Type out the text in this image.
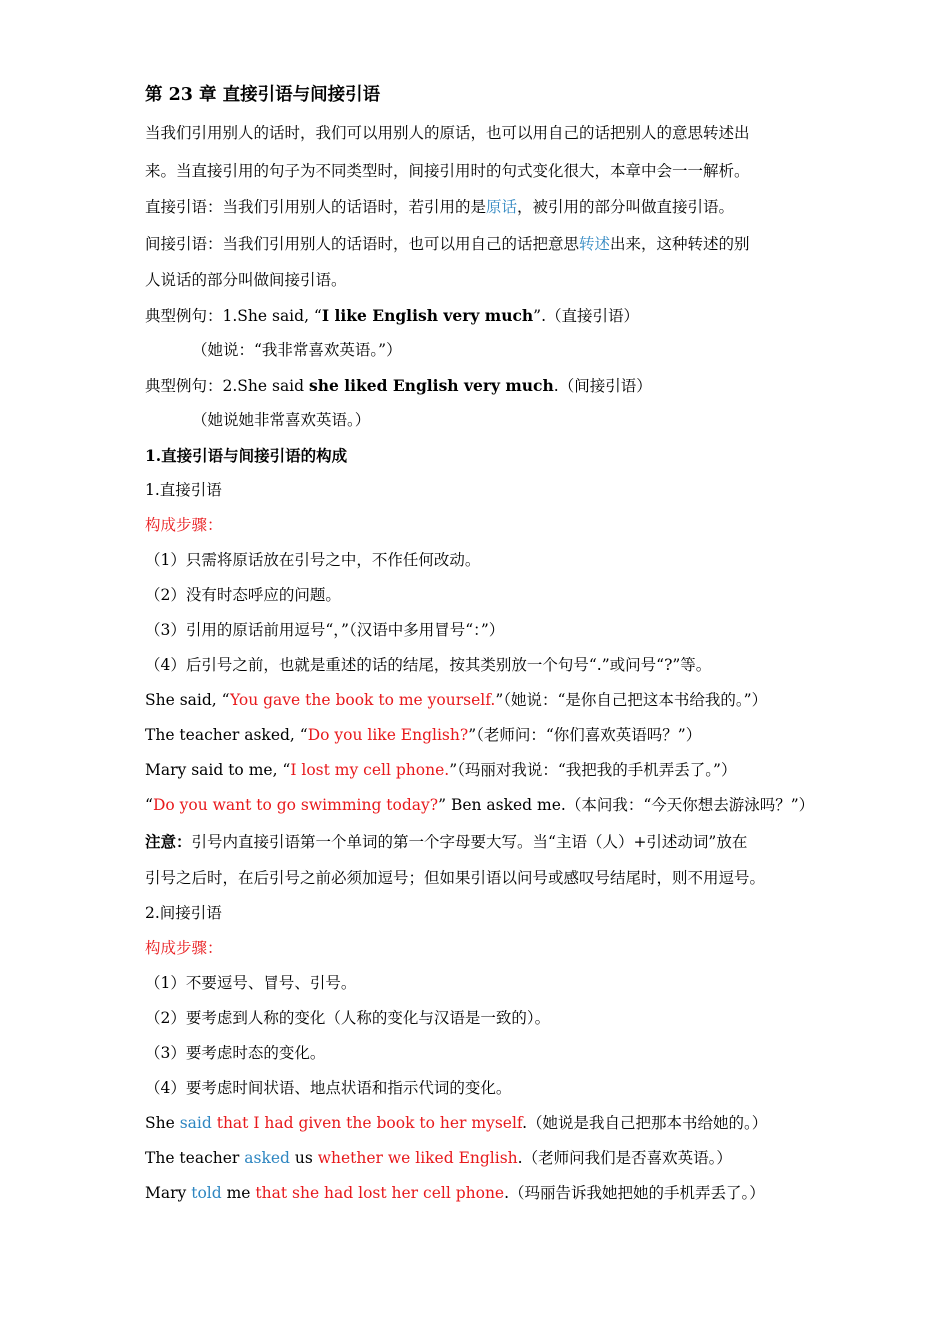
第 23 章 直接引语与间接引语
当我们引用别人的话时，我们可以用别人的原话，也可以用自己的话把别人的意思转述出
来。当直接引用的句子为不同类型时，间接引用时的句式变化很大，本章中会一一解析。
直接引语：当我们引用别人的话语时，若引用的是原话，被引用的部分叫做直接引语。
间接引语：当我们引用别人的话语时，也可以用自己的话把意思转述出来，这种转述的别
人说话的部分叫做间接引语。
典型例句：1.She said, “I like English very much”.（直接引语）
（她说：“我非常喜欢英语。”）
典型例句：2.She said she liked English very much.（间接引语）
（她说她非常喜欢英语。）
1.直接引语与间接引语的构成
1.直接引语
构成步骤：
（1）只需将原话放在引号之中，不作任何改动。
（2）没有时态呼应的问题。
（3）引用的原话前用逗号“，”（汉语中多用冒号“：”）
（4）后引号之前，也就是重述的话的结尾，按其类别放一个句号“.”或问号“?”等。
She said, “You gave the book to me yourself.”（她说：“是你自己把这本书给我的。”）
The teacher asked, “Do you like English?”（老师问：“你们喜欢英语吗？”）
Mary said to me, “I lost my cell phone.”（玛丽对我说：“我把我的手机弄丢了。”）
“Do you want to go swimming today?” Ben asked me.（本问我：“今天你想去游泳吗？”）
注意：引号内直接引语第一个单词的第一个字母要大写。当“主语（人）+引述动词”放在
引号之后时，在后引号之前必须加逗号；但如果引语以问号或感叹号结尾时，则不用逗号。
2.间接引语
构成步骤：
（1）不要逗号、冒号、引号。
（2）要考虑到人称的变化（人称的变化与汉语是一致的）。
（3）要考虑时态的变化。
（4）要考虑时间状语、地点状语和指示代词的变化。
She said that I had given the book to her myself.（她说是我自己把那本书给她的。）
The teacher asked us whether we liked English.（老师问我们是否喜欢英语。）
Mary told me that she had lost her cell phone.（玛丽告诉我她把她的手机弄丢了。）
